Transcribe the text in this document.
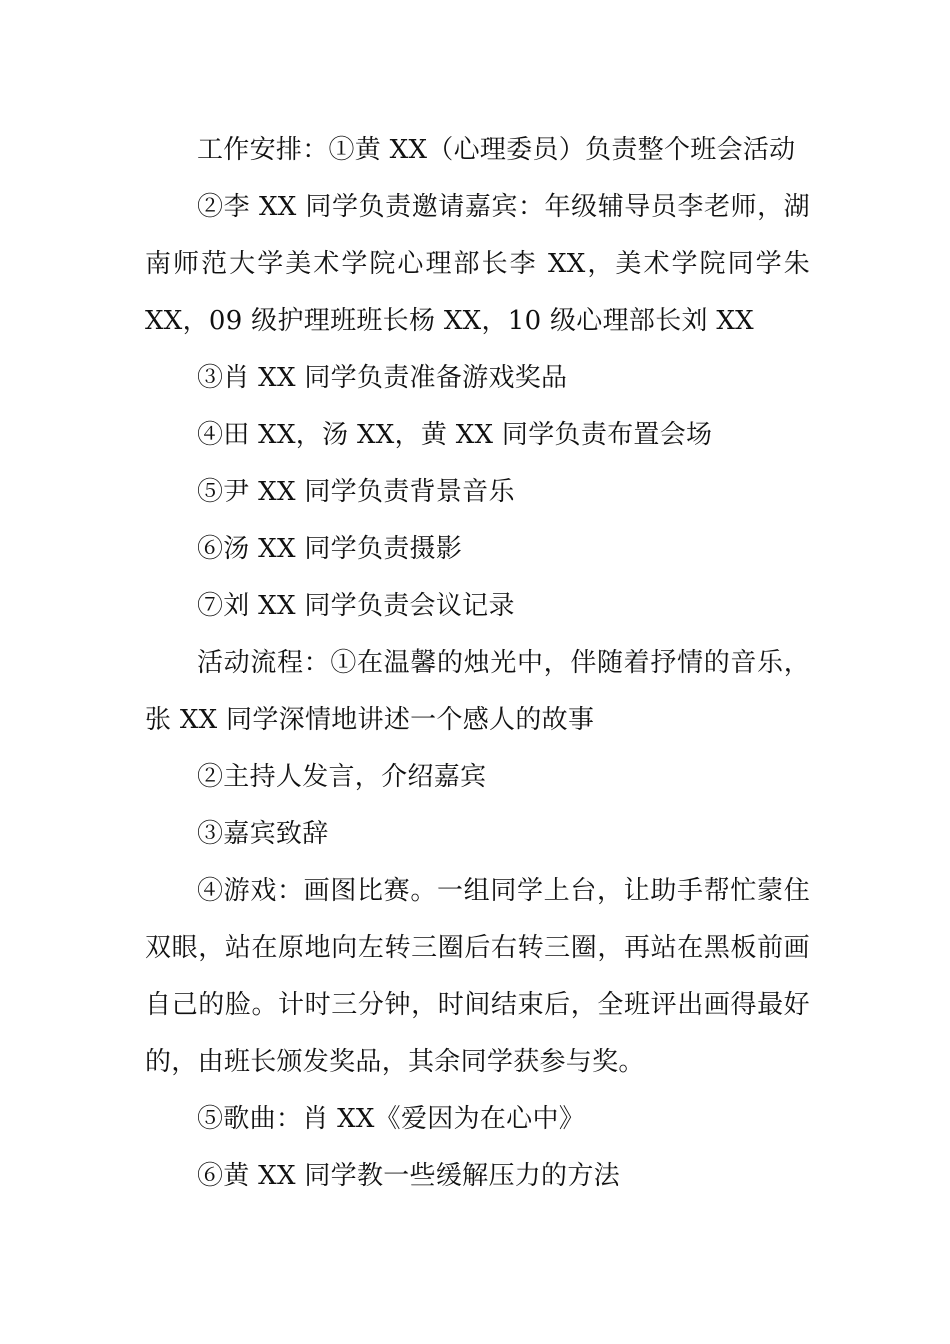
工作安排：①黄 XX（心理委员）负责整个班会活动

②李 XX 同学负责邀请嘉宾：年级辅导员李老师，湖南师范大学美术学院心理部长李 XX，美术学院同学朱 XX，09 级护理班班长杨 XX，10 级心理部长刘 XX

③肖 XX 同学负责准备游戏奖品

④田 XX，汤 XX，黄 XX 同学负责布置会场

⑤尹 XX 同学负责背景音乐

⑥汤 XX 同学负责摄影

⑦刘 XX 同学负责会议记录

活动流程：①在温馨的烛光中，伴随着抒情的音乐，张 XX 同学深情地讲述一个感人的故事

②主持人发言，介绍嘉宾

③嘉宾致辞

④游戏：画图比赛。一组同学上台，让助手帮忙蒙住双眼，站在原地向左转三圈后右转三圈，再站在黑板前画自己的脸。计时三分钟，时间结束后，全班评出画得最好的，由班长颁发奖品，其余同学获参与奖。

⑤歌曲：肖 XX《爱因为在心中》

⑥黄 XX 同学教一些缓解压力的方法
